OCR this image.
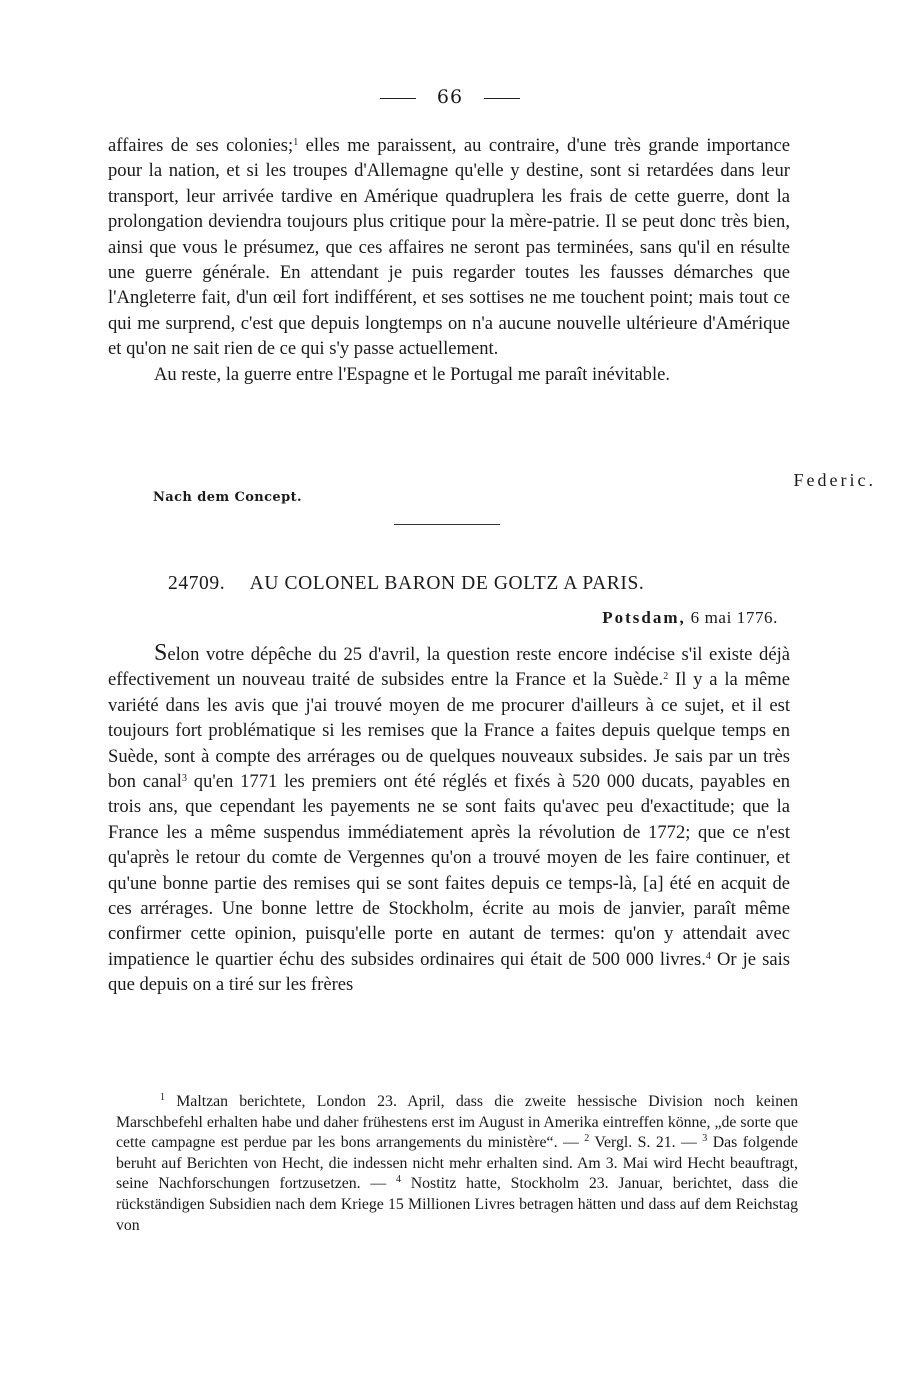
66

affaires de ses colonies;$^1$ elles me paraissent, au contraire, d'une très grande importance pour la nation, et si les troupes d'Allemagne qu'elle y destine, sont si retardées dans leur transport, leur arrivée tardive en Amérique quadruplera les frais de cette guerre, dont la prolongation deviendra toujours plus critique pour la mère-patrie. Il se peut donc très bien, ainsi que vous le présumez, que ces affaires ne seront pas terminées, sans qu'il en résulte une guerre générale. En attendant je puis regarder toutes les fausses démarches que l'Angleterre fait, d'un œil fort indifférent, et ses sottises ne me touchent point; mais tout ce qui me surprend, c'est que depuis longtemps on n'a aucune nouvelle ultérieure d'Amérique et qu'on ne sait rien de ce qui s'y passe actuellement.

Au reste, la guerre entre l'Espagne et le Portugal me paraît inévitable.

Federic.
Nach dem Concept.
24709. AU COLONEL BARON DE GOLTZ A PARIS.
Potsdam, 6 mai 1776.

Selon votre dépêche du 25 d'avril, la question reste encore indécise s'il existe déjà effectivement un nouveau traité de subsides entre la France et la Suède.$^2$ Il y a la même variété dans les avis que j'ai trouvé moyen de me procurer d'ailleurs à ce sujet, et il est toujours fort problématique si les remises que la France a faites depuis quelque temps en Suède, sont à compte des arrérages ou de quelques nouveaux subsides. Je sais par un très bon canal$^3$ qu'en 1771 les premiers ont été réglés et fixés à 520 000 ducats, payables en trois ans, que cependant les payements ne se sont faits qu'avec peu d'exactitude; que la France les a même suspendus immédiatement après la révolution de 1772; que ce n'est qu'après le retour du comte de Vergennes qu'on a trouvé moyen de les faire continuer, et qu'une bonne partie des remises qui se sont faites depuis ce temps-là, [a] été en acquit de ces arrérages. Une bonne lettre de Stockholm, écrite au mois de janvier, paraît même confirmer cette opinion, puisqu'elle porte en autant de termes: qu'on y attendait avec impatience le quartier échu des subsides ordinaires qui était de 500 000 livres.$^4$ Or je sais que depuis on a tiré sur les frères

$^1$ Maltzan berichtete, London 23. April, dass die zweite hessische Division noch keinen Marschbefehl erhalten habe und daher frühestens erst im August in Amerika eintreffen könne, „de sorte que cette campagne est perdue par les bons arrangements du ministère“. — $^2$ Vergl. S. 21. — $^3$ Das folgende beruht auf Berichten von Hecht, die indessen nicht mehr erhalten sind. Am 3. Mai wird Hecht beauftragt, seine Nachforschungen fortzusetzen. — $^4$ Nostitz hatte, Stockholm 23. Januar, berichtet, dass die rückständigen Subsidien nach dem Kriege 15 Millionen Livres betragen hätten und dass auf dem Reichstag von
